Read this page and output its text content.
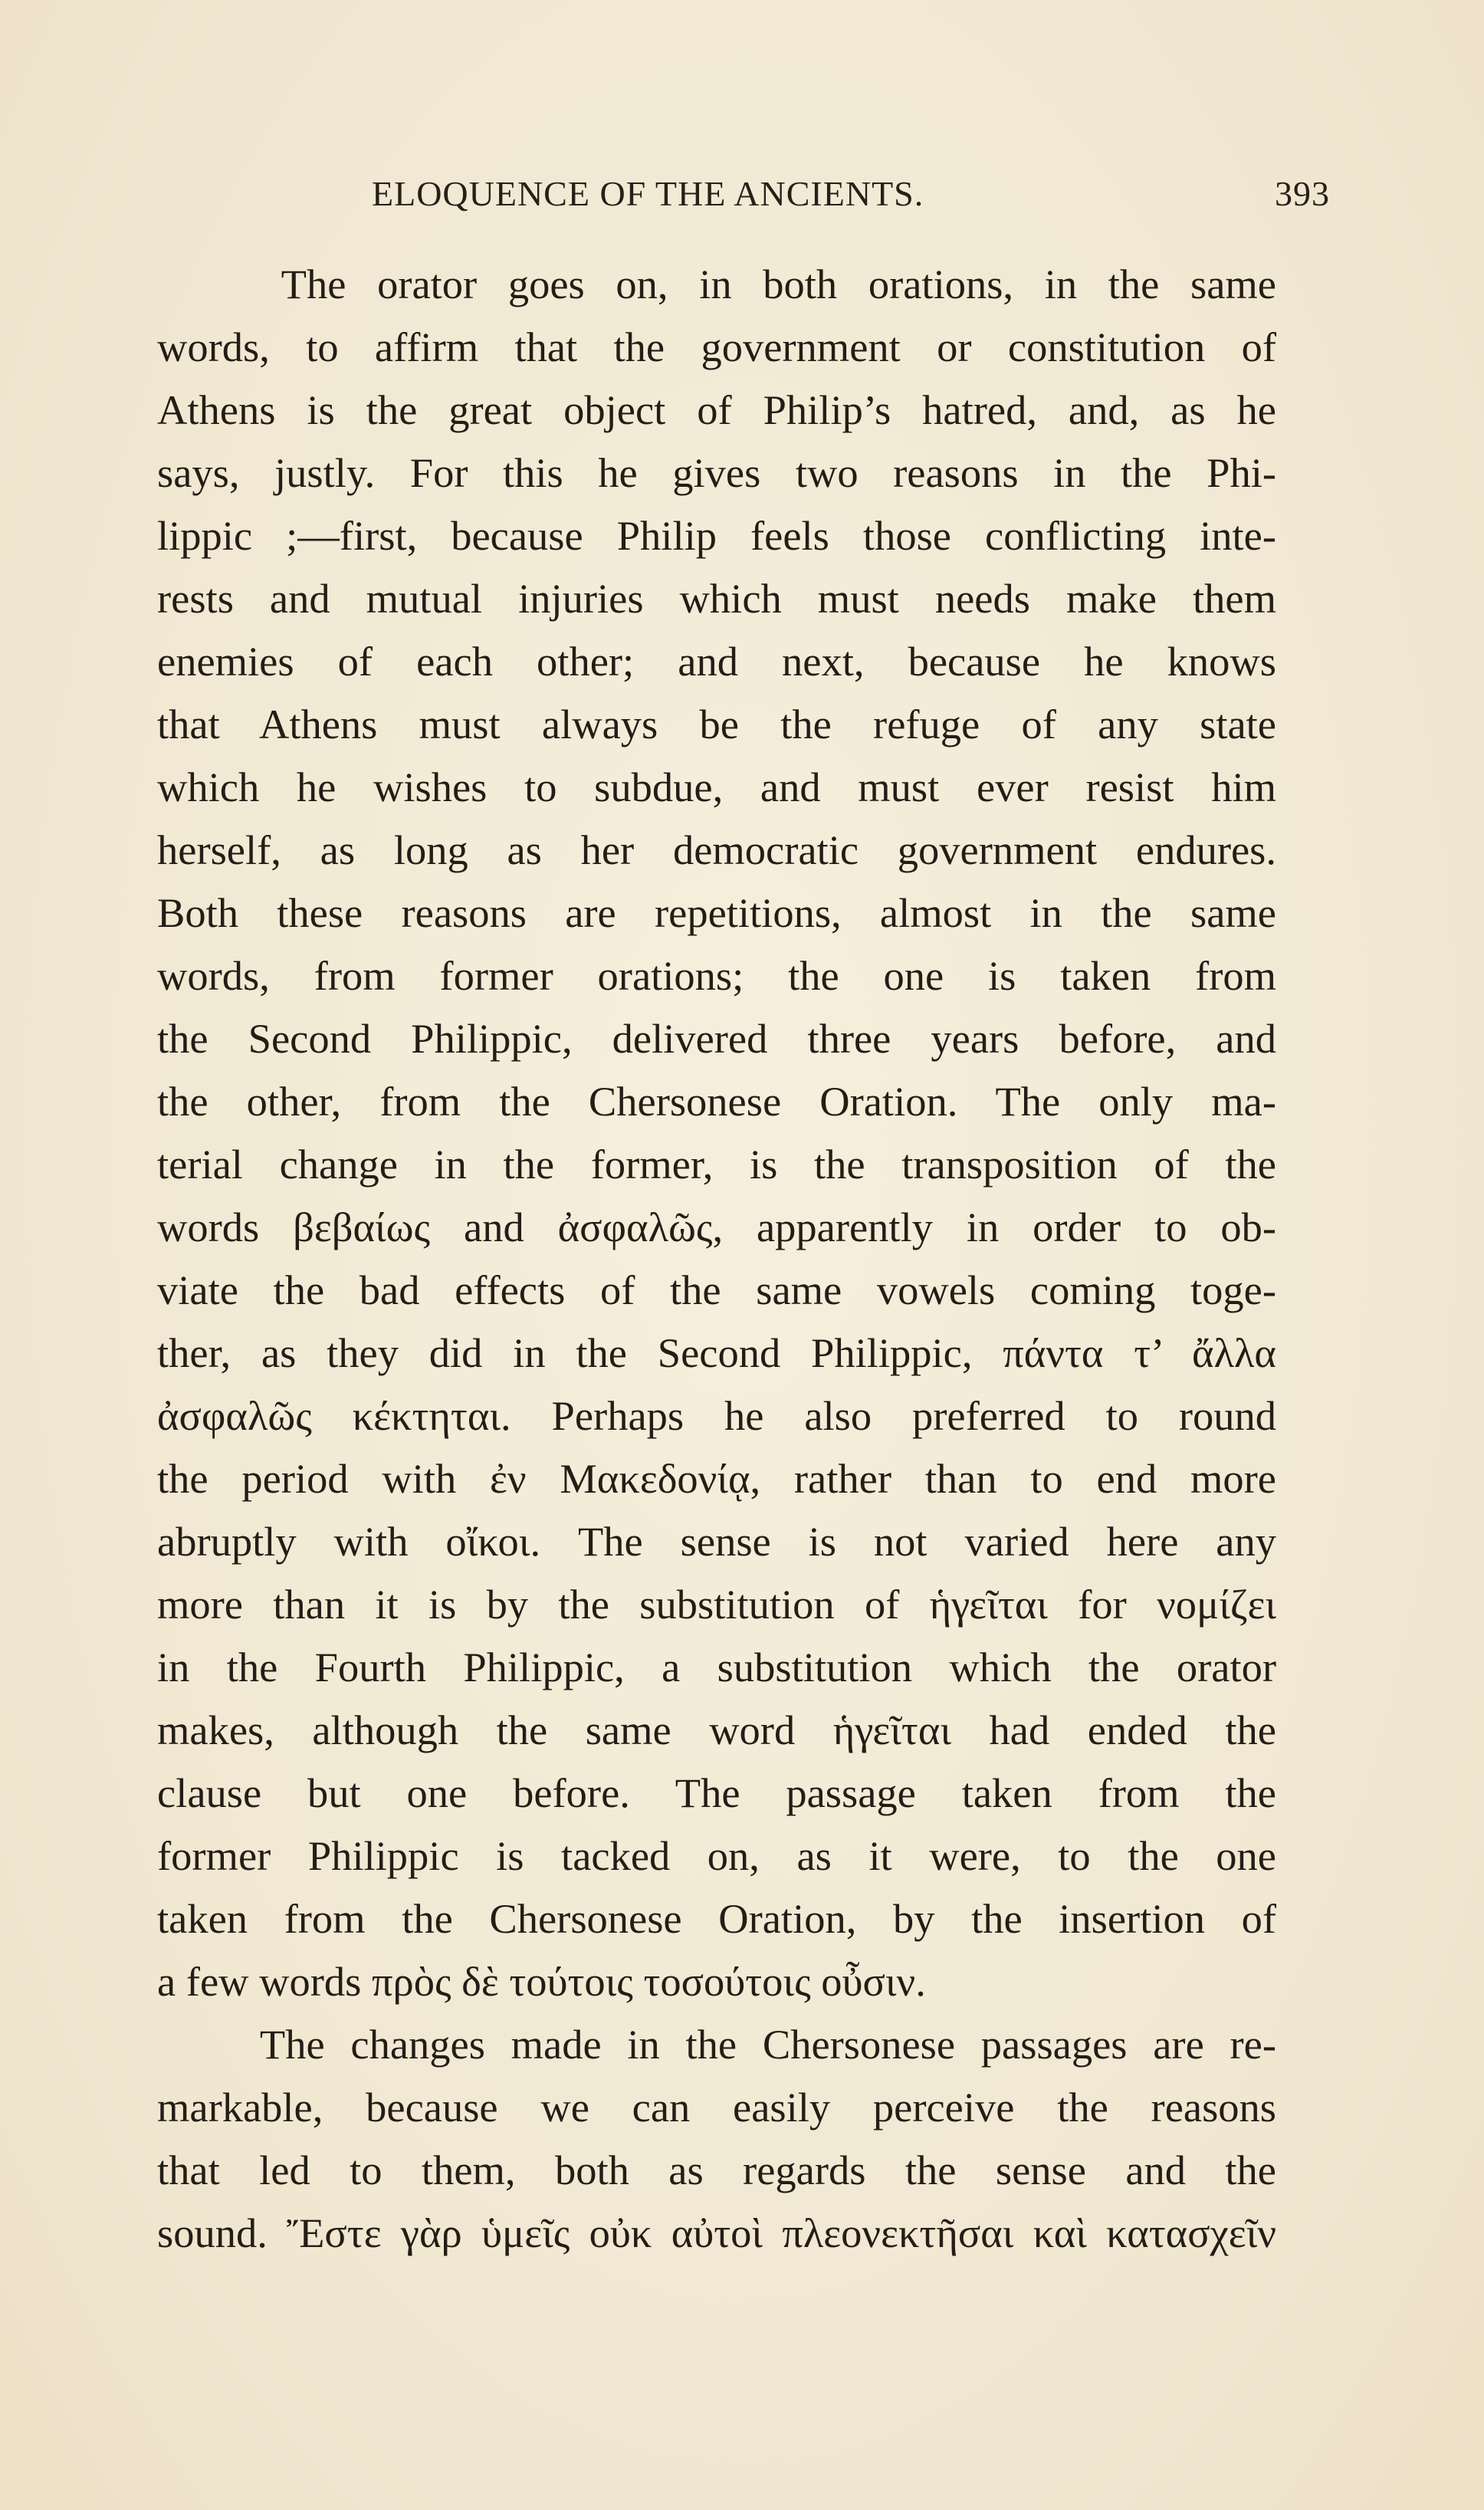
ELOQUENCE OF THE ANCIENTS.	393
The orator goes on, in both orations, in the same
words, to affirm that the government or constitution of
Athens is the great object of Philip’s hatred, and, as he
says, justly. For this he gives two reasons in the Phi-
lippic ;—first, because Philip feels those conflicting inte-
rests and mutual injuries which must needs make them
enemies of each other; and next, because he knows
that Athens must always be the refuge of any state
which he wishes to subdue, and must ever resist him
herself, as long as her democratic government endures.
Both these reasons are repetitions, almost in the same
words, from former orations; the one is taken from
the Second Philippic, delivered three years before, and
the other, from the Chersonese Oration. The only ma-
terial change in the former, is the transposition of the
words βεβαίως and ἀσφαλῶς, apparently in order to ob-
viate the bad effects of the same vowels coming toge-
ther, as they did in the Second Philippic, πάντα τ’ ἄλλα
ἀσφαλῶς κέκτηται. Perhaps he also preferred to round
the period with ἐν Μακεδονίᾳ, rather than to end more
abruptly with οἴκοι. The sense is not varied here any
more than it is by the substitution of ἡγεῖται for νομίζει
in the Fourth Philippic, a substitution which the orator
makes, although the same word ἡγεῖται had ended the
clause but one before. The passage taken from the
former Philippic is tacked on, as it were, to the one
taken from the Chersonese Oration, by the insertion of
a few words πρὸς δὲ τούτοις τοσούτοις οὖσιν.
The changes made in the Chersonese passages are re-
markable, because we can easily perceive the reasons
that led to them, both as regards the sense and the
sound. Ἔστε γὰρ ὑμεῖς οὐκ αὐτοὶ πλεονεκτῆσαι καὶ κατασχεῖν
